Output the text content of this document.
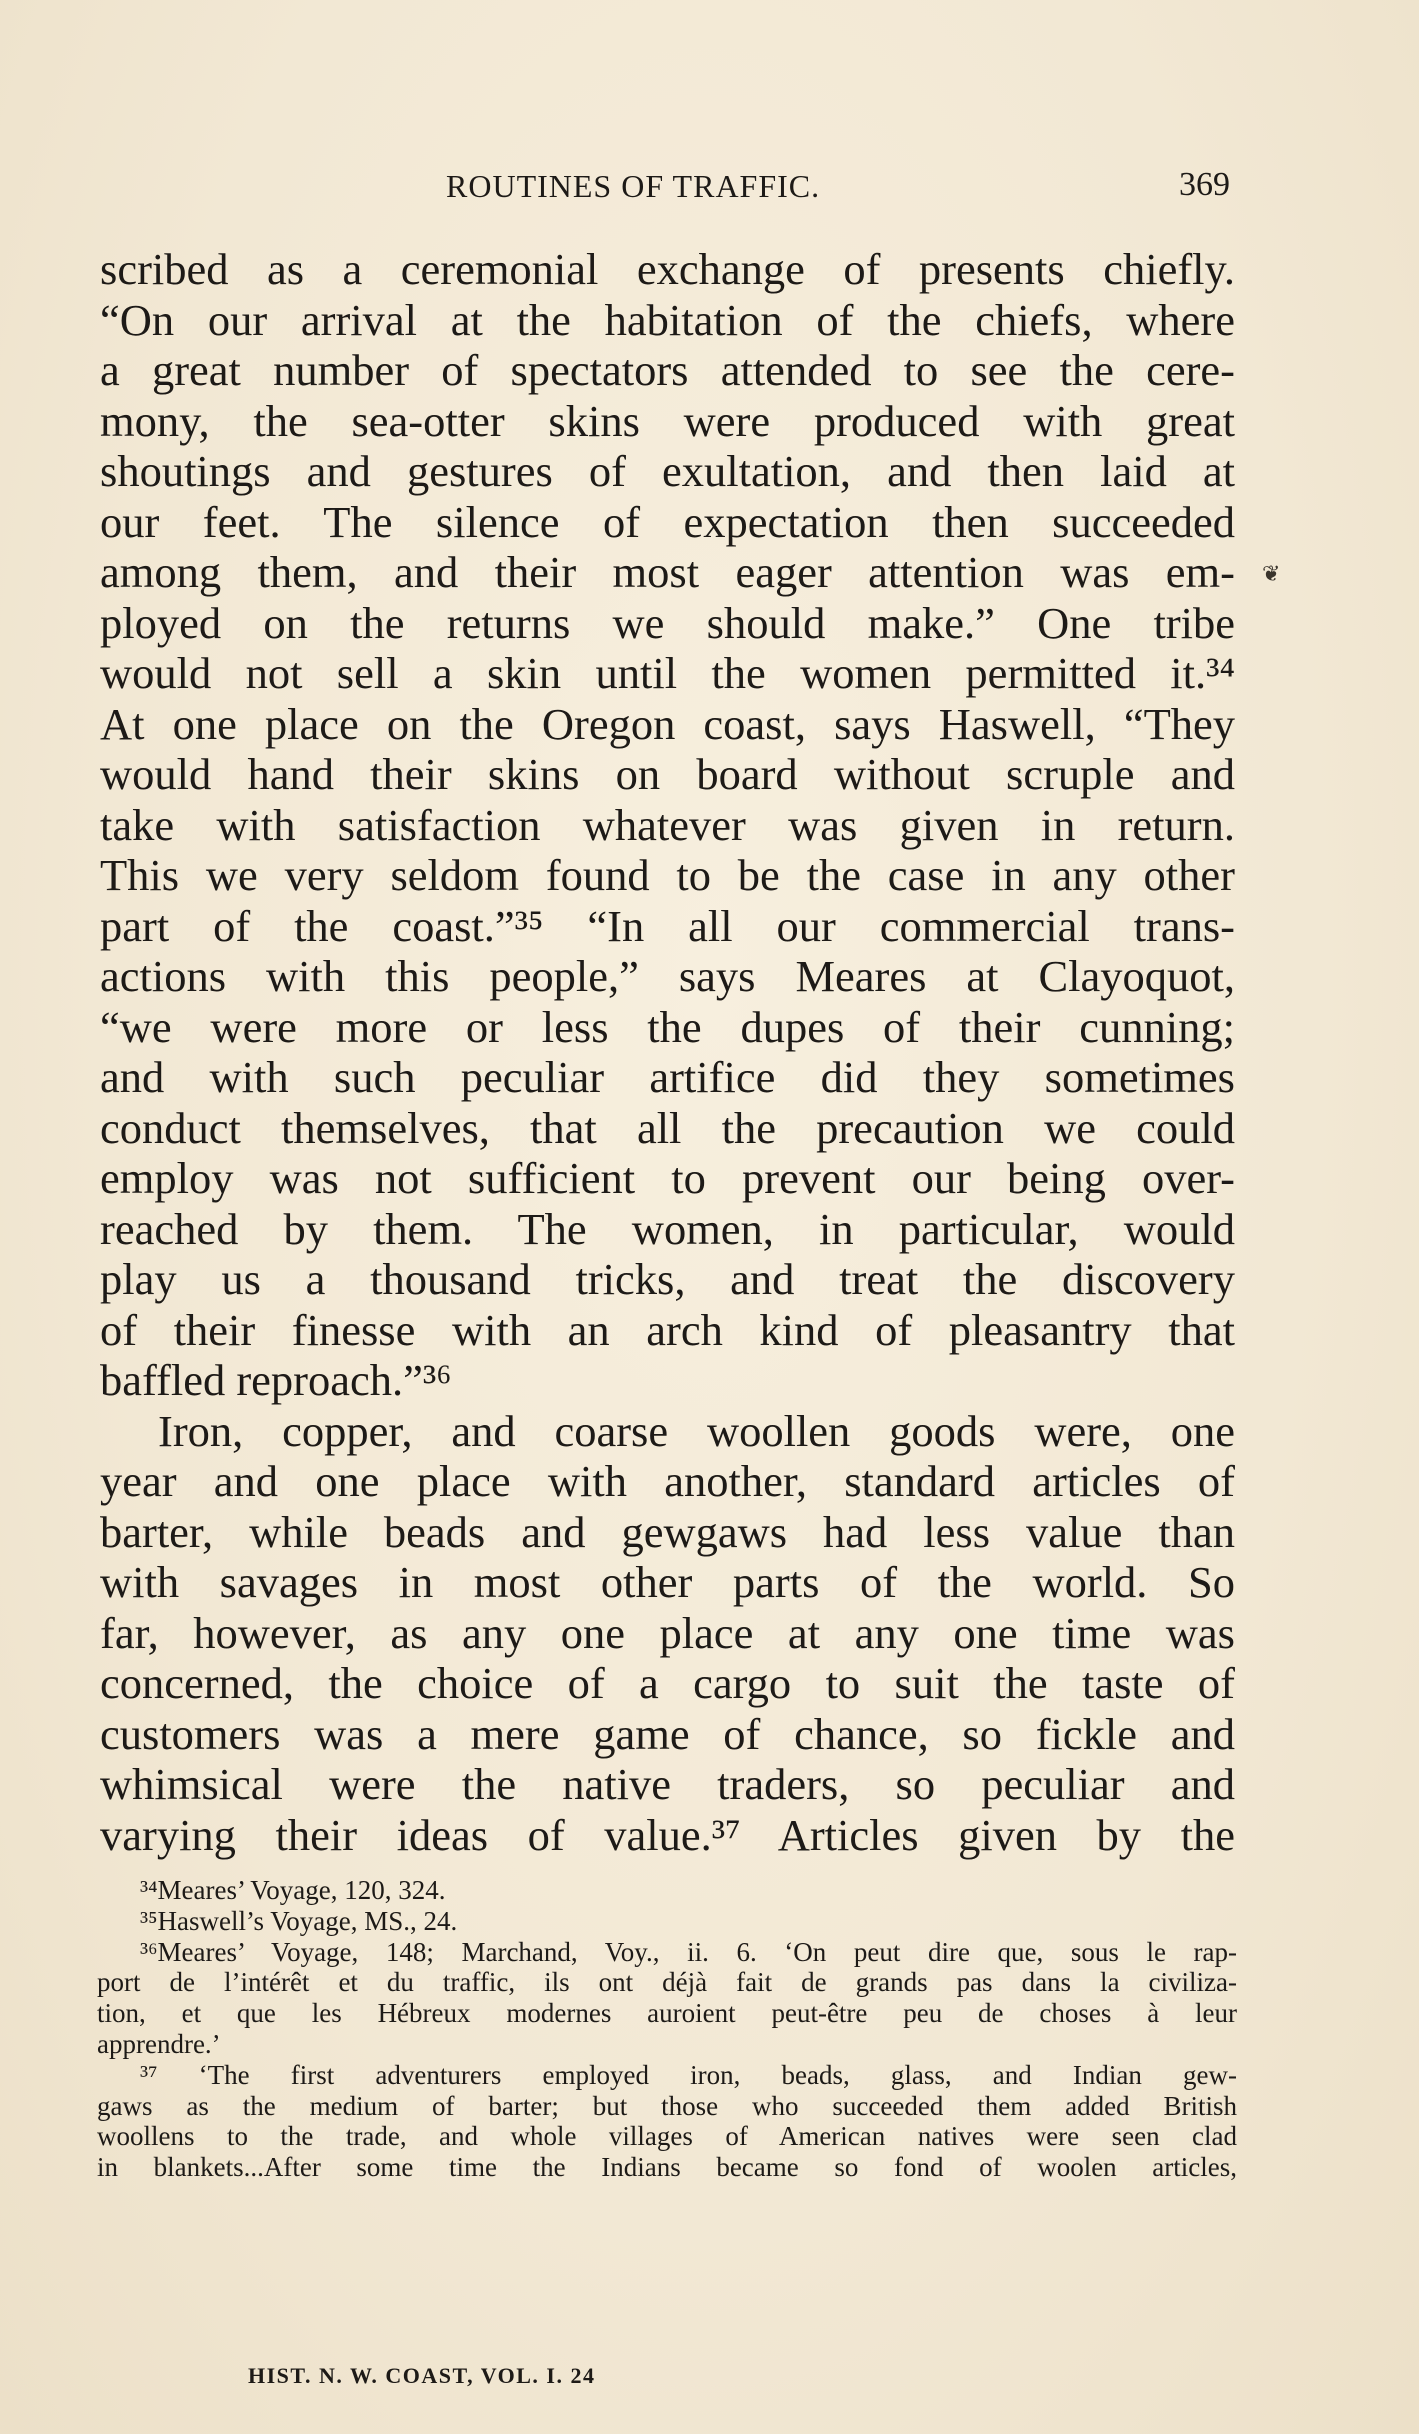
ROUTINES OF TRAFFIC.	369
scribed as a ceremonial exchange of presents chiefly.
“On our arrival at the habitation of the chiefs, where
a great number of spectators attended to see the cere-
mony, the sea-otter skins were produced with great
shoutings and gestures of exultation, and then laid at
our feet. The silence of expectation then succeeded
among them, and their most eager attention was em-
ployed on the returns we should make.” One tribe
would not sell a skin until the women permitted it.³⁴
At one place on the Oregon coast, says Haswell, “They
would hand their skins on board without scruple and
take with satisfaction whatever was given in return.
This we very seldom found to be the case in any other
part of the coast.”³⁵ “In all our commercial trans-
actions with this people,” says Meares at Clayoquot,
“we were more or less the dupes of their cunning;
and with such peculiar artifice did they sometimes
conduct themselves, that all the precaution we could
employ was not sufficient to prevent our being over-
reached by them. The women, in particular, would
play us a thousand tricks, and treat the discovery
of their finesse with an arch kind of pleasantry that
baffled reproach.”³⁶
Iron, copper, and coarse woollen goods were, one
year and one place with another, standard articles of
barter, while beads and gewgaws had less value than
with savages in most other parts of the world. So
far, however, as any one place at any one time was
concerned, the choice of a cargo to suit the taste of
customers was a mere game of chance, so fickle and
whimsical were the native traders, so peculiar and
varying their ideas of value.³⁷ Articles given by the
³⁴Meares’ Voyage, 120, 324.
³⁵Haswell’s Voyage, MS., 24.
³⁶Meares’ Voyage, 148; Marchand, Voy., ii. 6. ‘On peut dire que, sous le rap-
port de l’intérêt et du traffic, ils ont déjà fait de grands pas dans la civiliza-
tion, et que les Hébreux modernes auroient peut-être peu de choses à leur
apprendre.’
³⁷ ‘The first adventurers employed iron, beads, glass, and Indian gew-
gaws as the medium of barter; but those who succeeded them added British
woollens to the trade, and whole villages of American natives were seen clad
in blankets...After some time the Indians became so fond of woolen articles,
HIST. N. W. COAST, VOL. I. 24
❦
